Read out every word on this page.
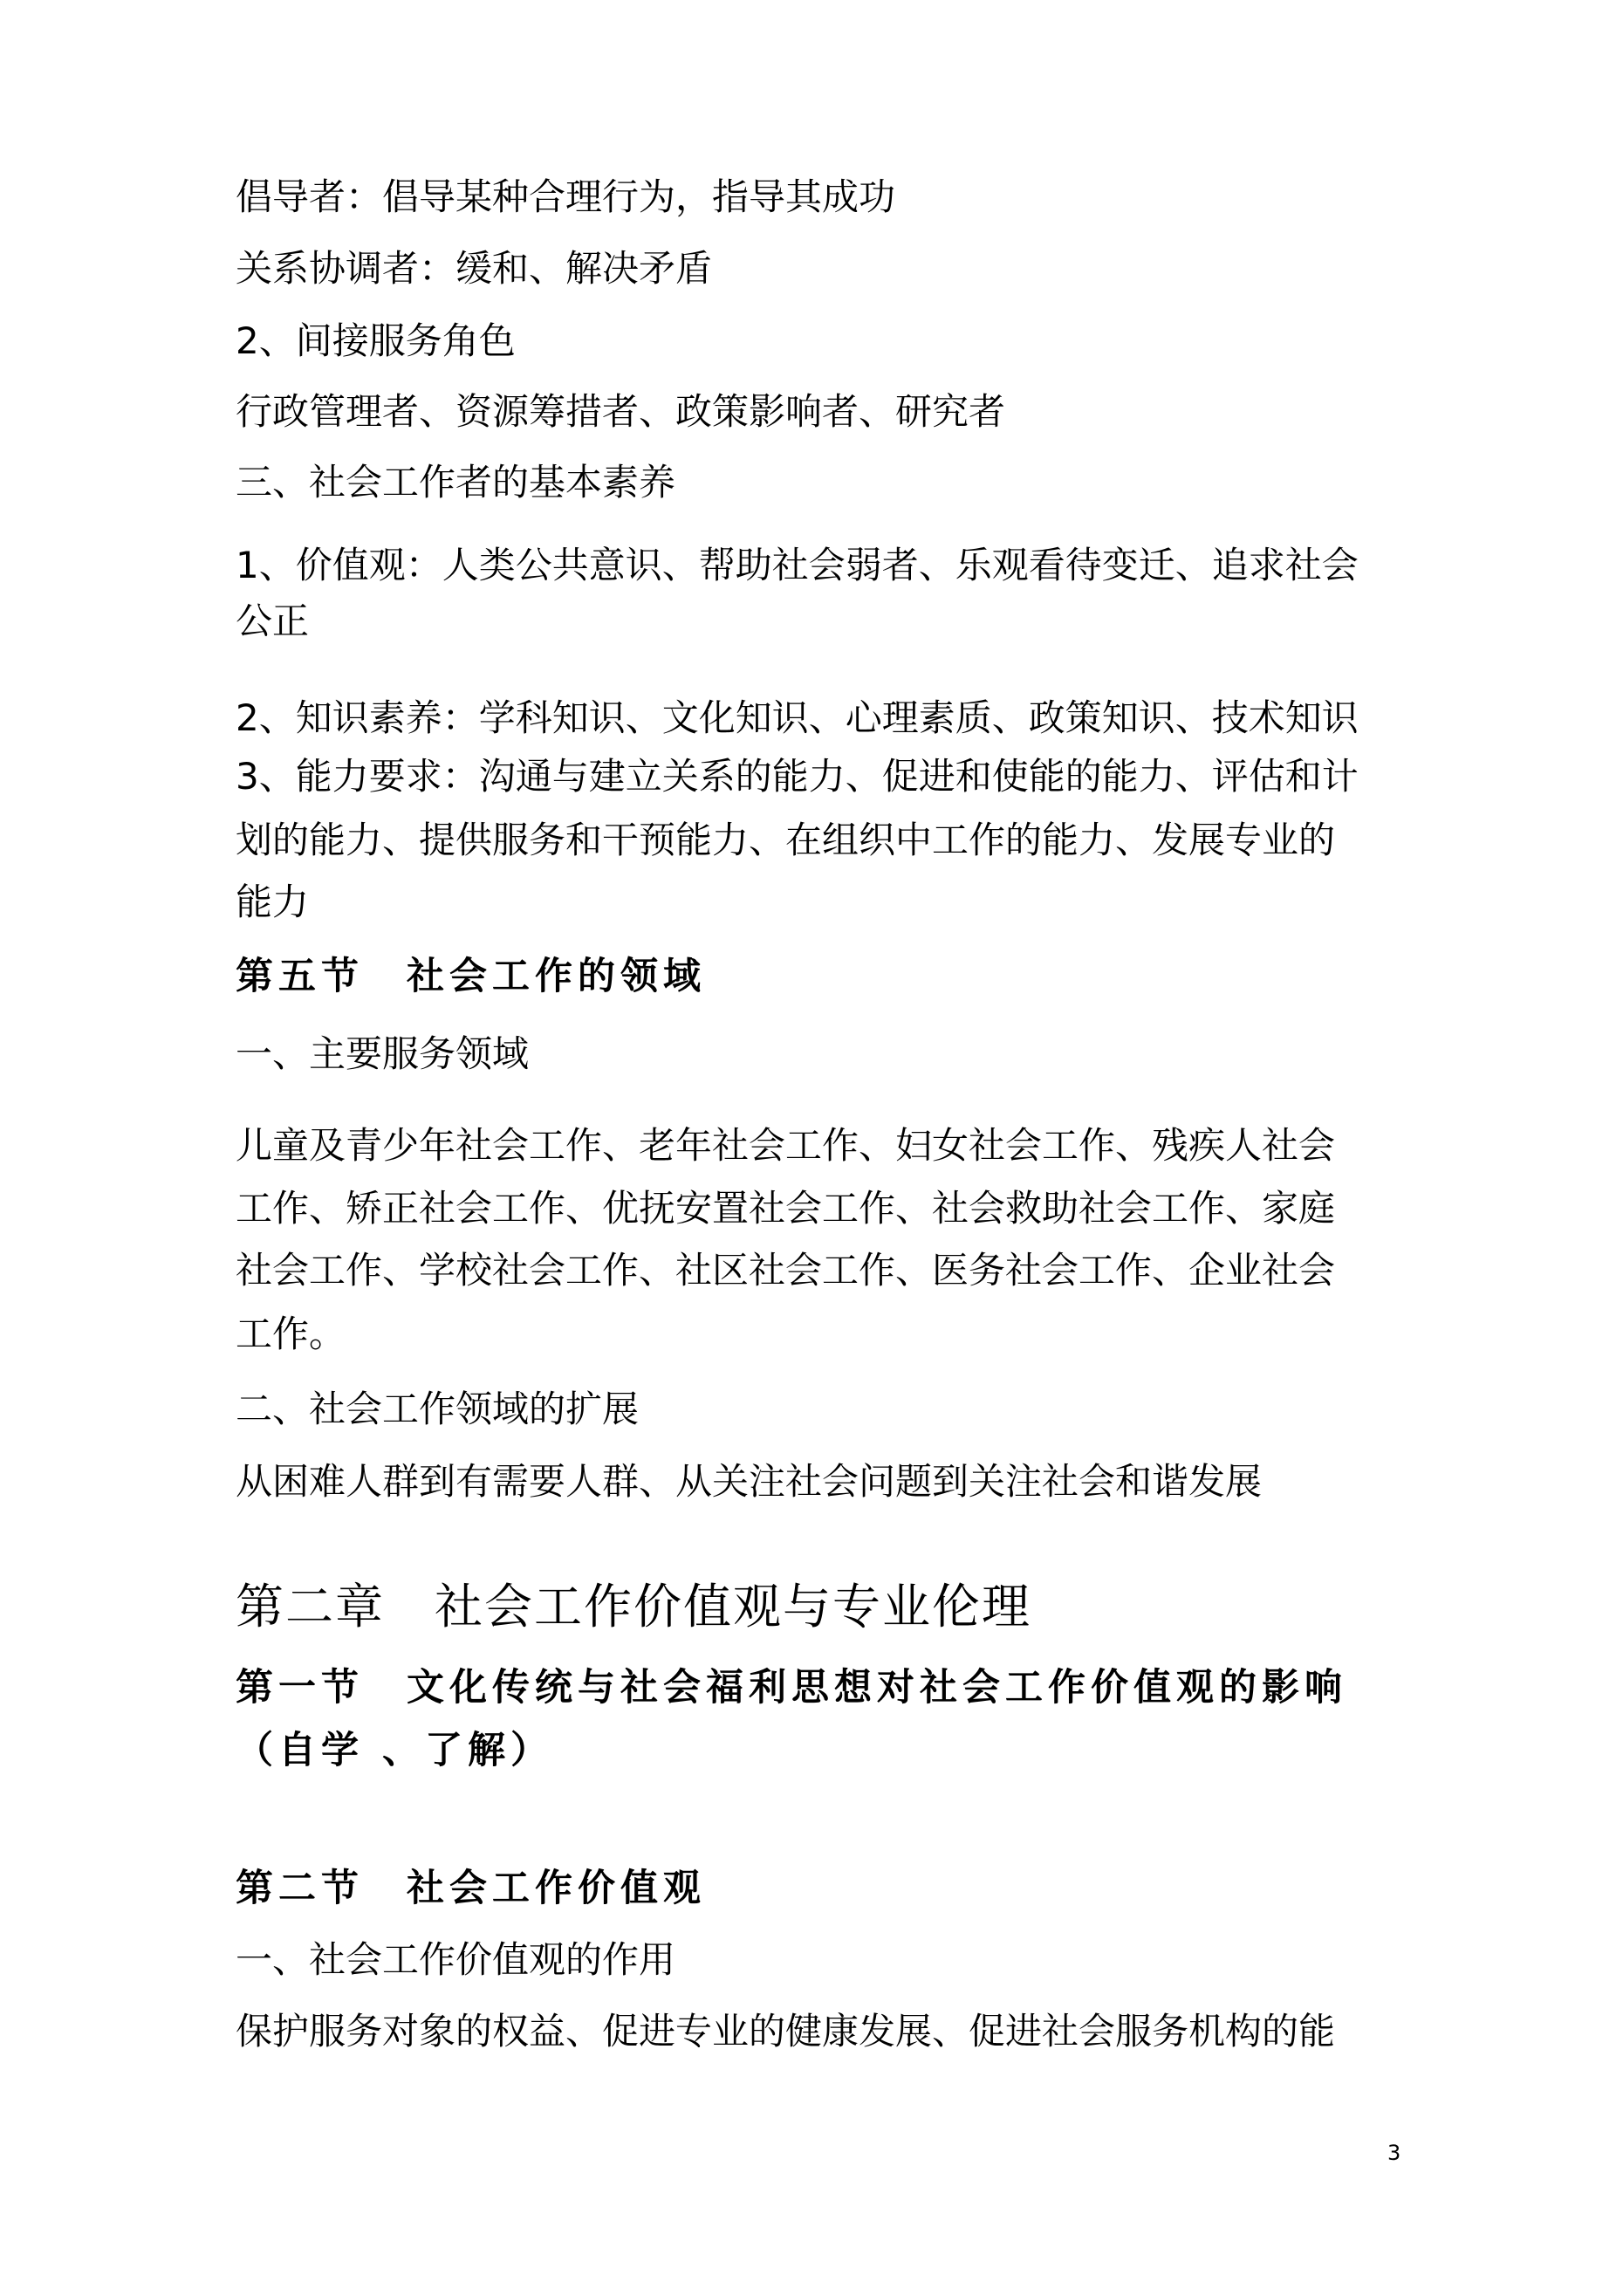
倡导者：倡导某种合理行为，指导其成功
关系协调者：缓和、解决矛盾
2、间接服务角色
行政管理者、资源筹措者、政策影响者、研究者
三、社会工作者的基本素养
1、价值观：人类公共意识、帮助社会弱者、乐观看待变迁、追求社会
公正
2、知识素养：学科知识、文化知识、心理素质、政策知识、技术知识
3、能力要求：沟通与建立关系的能力、促进和使能的能力、评估和计
划的能力、提供服务和干预能力、在组织中工作的能力、发展专业的
能力
第五节　社会工作的领域
一、主要服务领域
儿童及青少年社会工作、老年社会工作、妇女社会工作、残疾人社会
工作、矫正社会工作、优抚安置社会工作、社会救助社会工作、家庭
社会工作、学校社会工作、社区社会工作、医务社会工作、企业社会
工作。
二、社会工作领域的扩展
从困难人群到有需要人群、从关注社会问题到关注社会和谐发展
第二章　社会工作价值观与专业伦理
第一节　文化传统与社会福利思想对社会工作价值观的影响
（自学 、了解）
第二节　社会工作价值观
一、社会工作价值观的作用
保护服务对象的权益、促进专业的健康发展、促进社会服务机构的能
3
